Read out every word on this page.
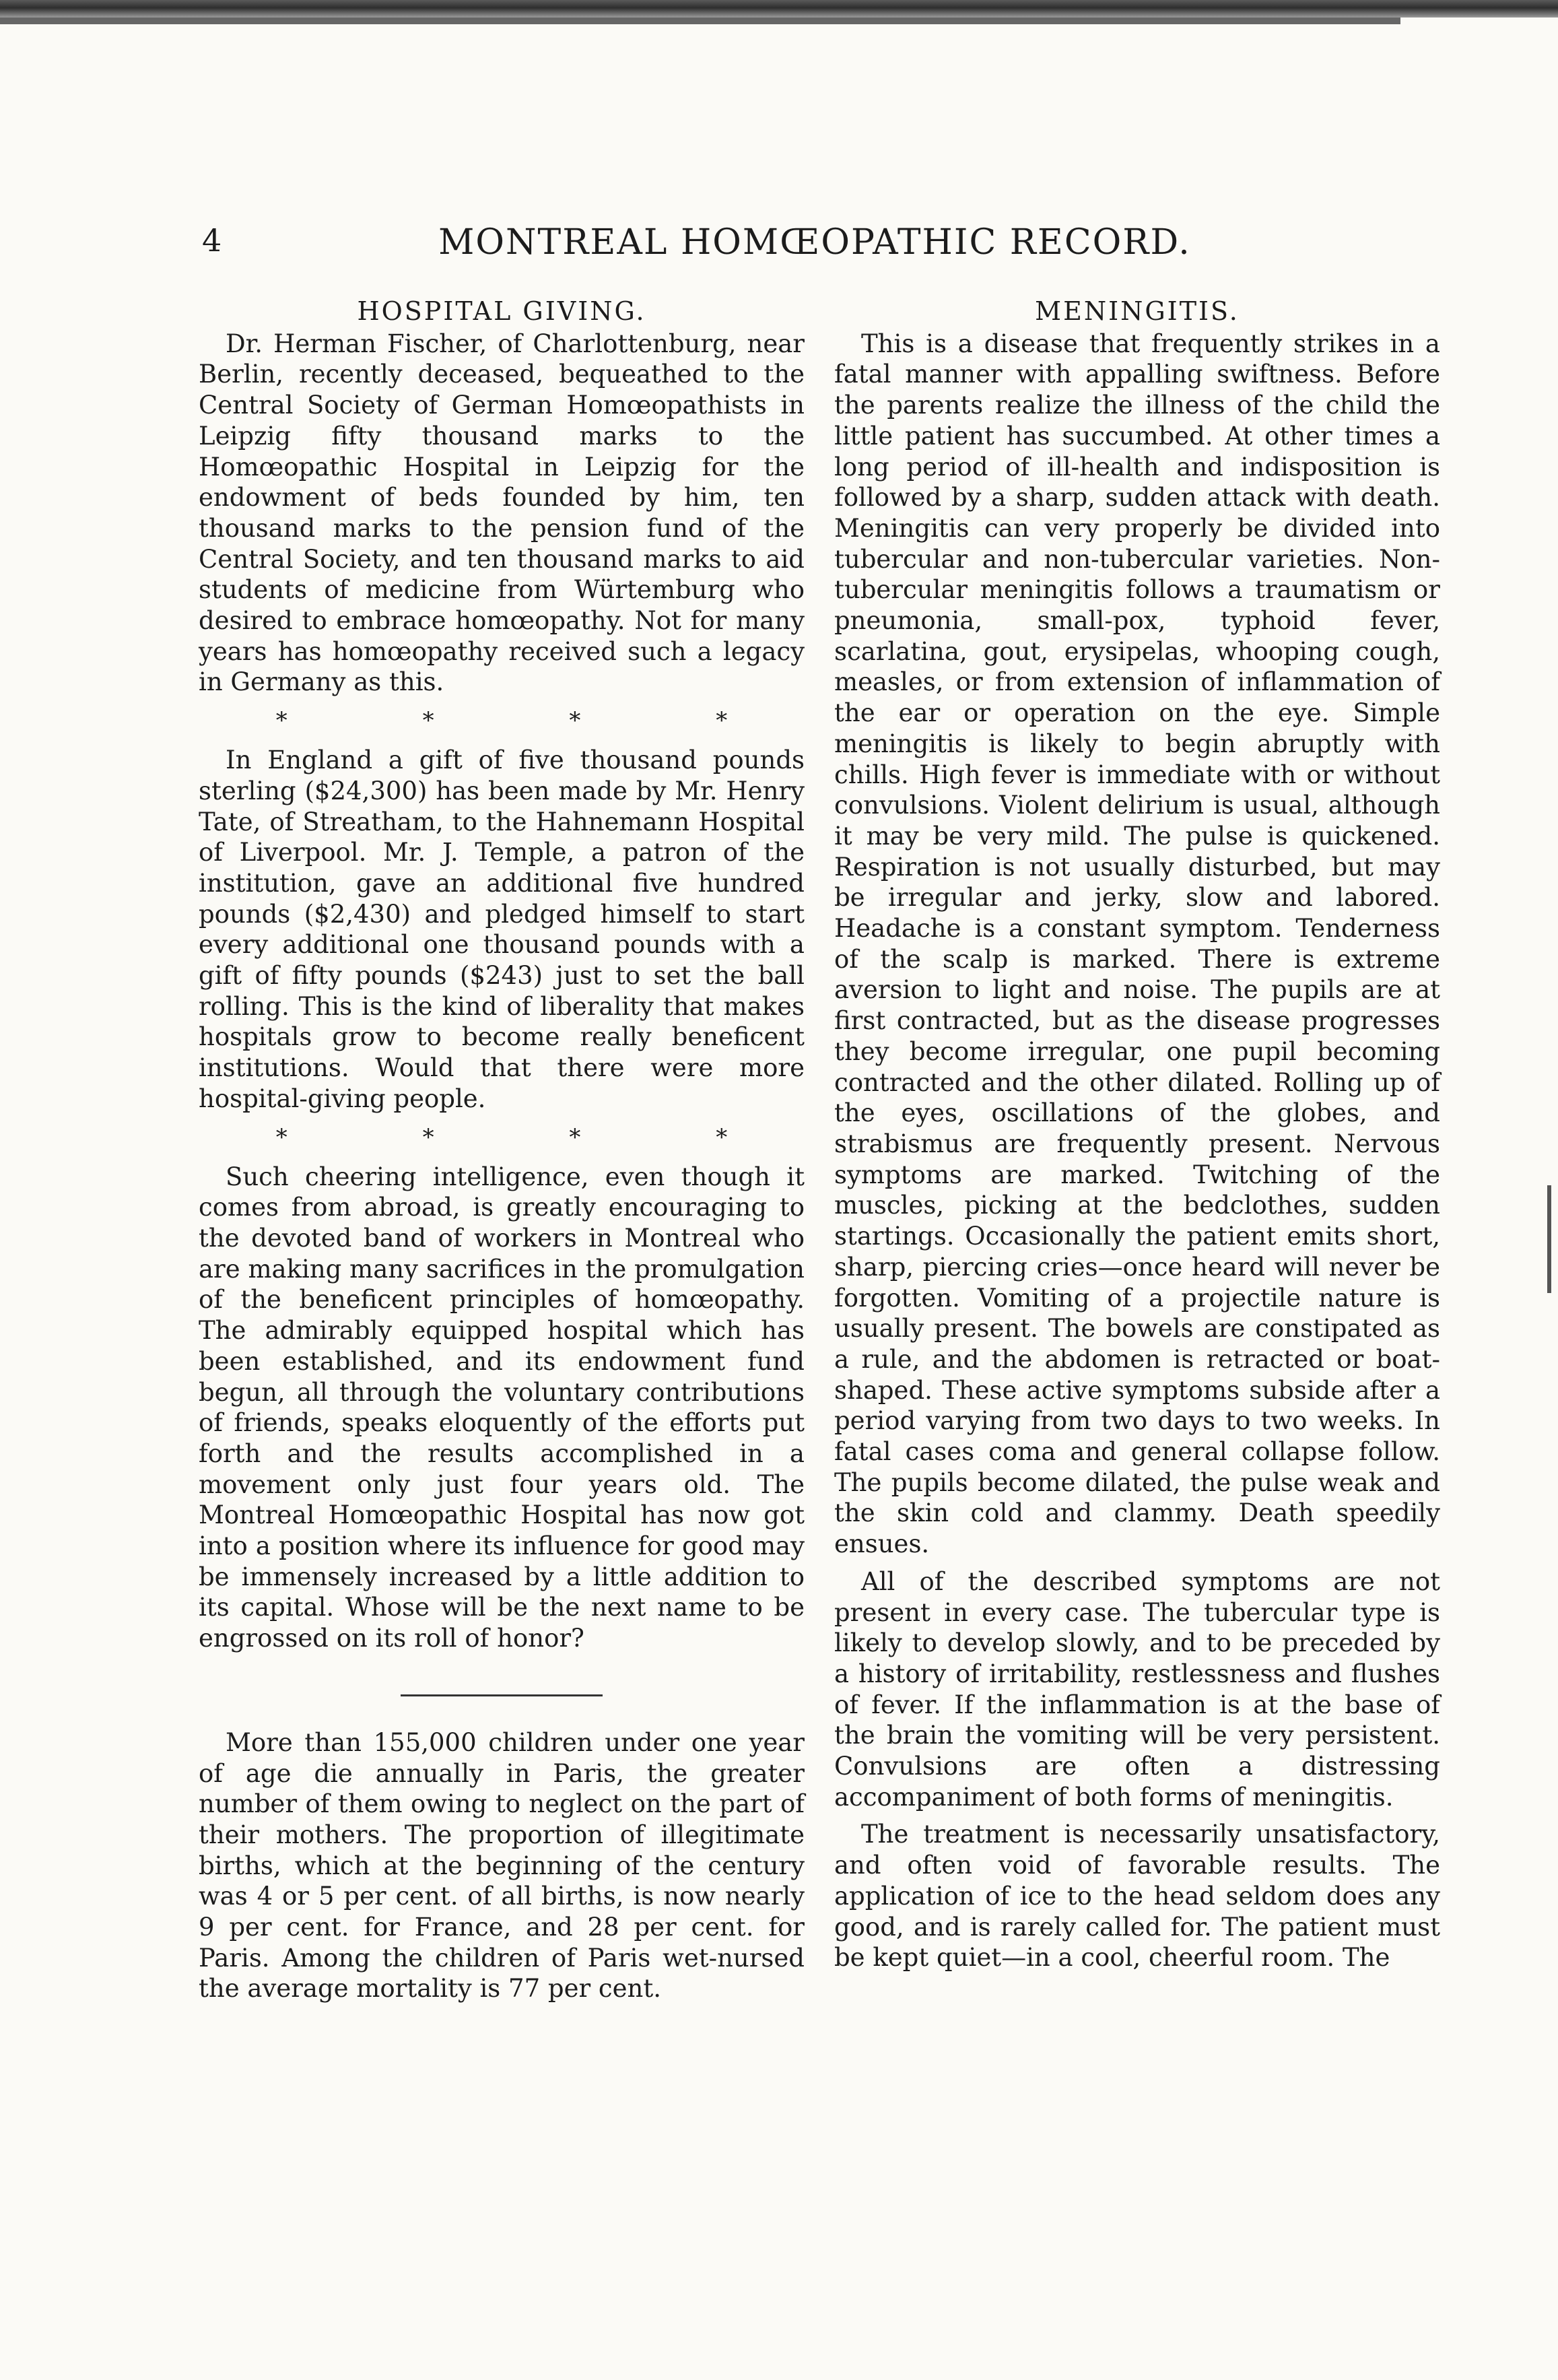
4	MONTREAL HOMŒOPATHIC RECORD.
HOSPITAL GIVING.

Dr. Herman Fischer, of Charlottenburg, near Berlin, recently deceased, bequeathed to the Central Society of German Homœopathists in Leipzig fifty thousand marks to the Homœopathic Hospital in Leipzig for the endowment of beds founded by him, ten thousand marks to the pension fund of the Central Society, and ten thousand marks to aid students of medicine from Würtemburg who desired to embrace homœopathy. Not for many years has homœopathy received such a legacy in Germany as this.

* * * *

In England a gift of five thousand pounds sterling ($24,300) has been made by Mr. Henry Tate, of Streatham, to the Hahnemann Hospital of Liverpool. Mr. J. Temple, a patron of the institution, gave an additional five hundred pounds ($2,430) and pledged himself to start every additional one thousand pounds with a gift of fifty pounds ($243) just to set the ball rolling. This is the kind of liberality that makes hospitals grow to become really beneficent institutions. Would that there were more hospital-giving people.

* * * *

Such cheering intelligence, even though it comes from abroad, is greatly encouraging to the devoted band of workers in Montreal who are making many sacrifices in the promulgation of the beneficent principles of homœopathy. The admirably equipped hospital which has been established, and its endowment fund begun, all through the voluntary contributions of friends, speaks eloquently of the efforts put forth and the results accomplished in a movement only just four years old. The Montreal Homœopathic Hospital has now got into a position where its influence for good may be immensely increased by a little addition to its capital. Whose will be the next name to be engrossed on its roll of honor?

More than 155,000 children under one year of age die annually in Paris, the greater number of them owing to neglect on the part of their mothers. The proportion of illegitimate births, which at the beginning of the century was 4 or 5 per cent. of all births, is now nearly 9 per cent. for France, and 28 per cent. for Paris. Among the children of Paris wet-nursed the average mortality is 77 per cent.

MENINGITIS.

This is a disease that frequently strikes in a fatal manner with appalling swiftness. Before the parents realize the illness of the child the little patient has succumbed. At other times a long period of ill-health and indisposition is followed by a sharp, sudden attack with death. Meningitis can very properly be divided into tubercular and non-tubercular varieties. Non-tubercular meningitis follows a traumatism or pneumonia, small-pox, typhoid fever, scarlatina, gout, erysipelas, whooping cough, measles, or from extension of inflammation of the ear or operation on the eye. Simple meningitis is likely to begin abruptly with chills. High fever is immediate with or without convulsions. Violent delirium is usual, although it may be very mild. The pulse is quickened. Respiration is not usually disturbed, but may be irregular and jerky, slow and labored. Headache is a constant symptom. Tenderness of the scalp is marked. There is extreme aversion to light and noise. The pupils are at first contracted, but as the disease progresses they become irregular, one pupil becoming contracted and the other dilated. Rolling up of the eyes, oscillations of the globes, and strabismus are frequently present. Nervous symptoms are marked. Twitching of the muscles, picking at the bedclothes, sudden startings. Occasionally the patient emits short, sharp, piercing cries—once heard will never be forgotten. Vomiting of a projectile nature is usually present. The bowels are constipated as a rule, and the abdomen is retracted or boat-shaped. These active symptoms subside after a period varying from two days to two weeks. In fatal cases coma and general collapse follow. The pupils become dilated, the pulse weak and the skin cold and clammy. Death speedily ensues.

All of the described symptoms are not present in every case. The tubercular type is likely to develop slowly, and to be preceded by a history of irritability, restlessness and flushes of fever. If the inflammation is at the base of the brain the vomiting will be very persistent. Convulsions are often a distressing accompaniment of both forms of meningitis.

The treatment is necessarily unsatisfactory, and often void of favorable results. The application of ice to the head seldom does any good, and is rarely called for. The patient must be kept quiet—in a cool, cheerful room. The
